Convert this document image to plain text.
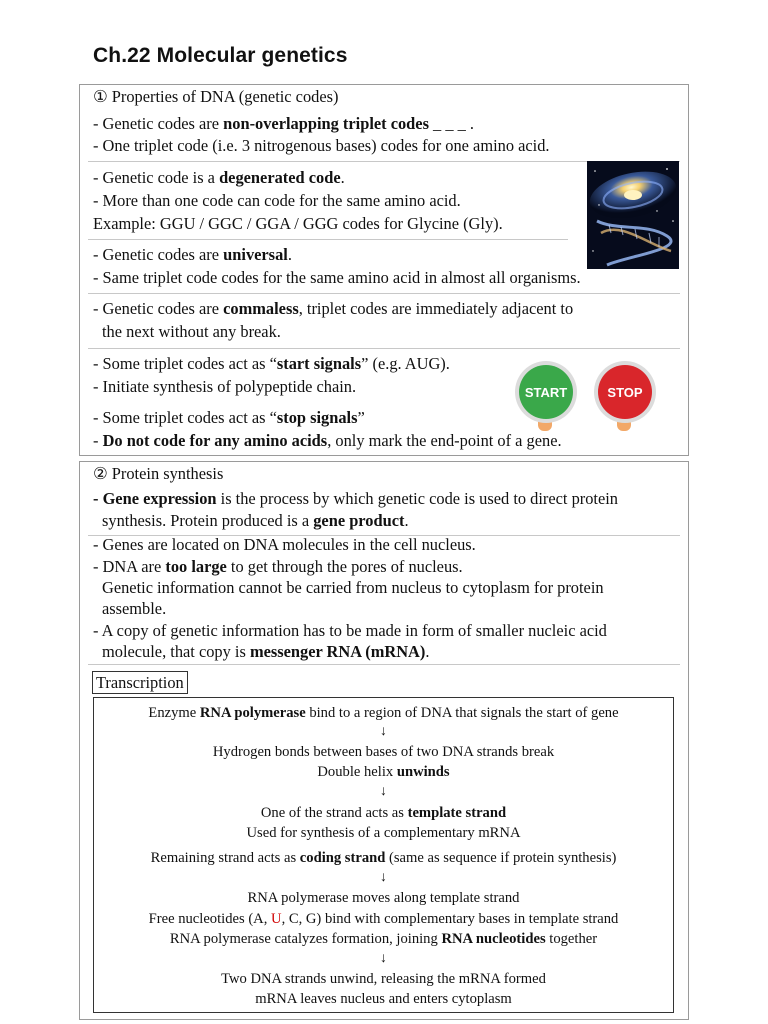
Ch.22 Molecular genetics
① Properties of DNA (genetic codes)
- Genetic codes are non-overlapping triplet codes _ _ _ .
- One triplet code (i.e. 3 nitrogenous bases) codes for one amino acid.
- Genetic code is a degenerated code.
- More than one code can code for the same amino acid.
Example: GGU / GGC / GGA / GGG codes for Glycine (Gly).
- Genetic codes are universal.
- Same triplet code codes for the same amino acid in almost all organisms.
- Genetic codes are commaless, triplet codes are immediately adjacent to
the next without any break.
- Some triplet codes act as “start signals” (e.g. AUG).
- Initiate synthesis of polypeptide chain.
- Some triplet codes act as “stop signals”
- Do not code for any amino acids, only mark the end-point of a gene.
START	STOP
② Protein synthesis
- Gene expression is the process by which genetic code is used to direct protein
synthesis. Protein produced is a gene product.
- Genes are located on DNA molecules in the cell nucleus.
- DNA are too large to get through the pores of nucleus.
Genetic information cannot be carried from nucleus to cytoplasm for protein
assemble.
- A copy of genetic information has to be made in form of smaller nucleic acid
molecule, that copy is messenger RNA (mRNA).
Transcription
Enzyme RNA polymerase bind to a region of DNA that signals the start of gene
↓
Hydrogen bonds between bases of two DNA strands break
Double helix unwinds
↓
One of the strand acts as template strand
Used for synthesis of a complementary mRNA
Remaining strand acts as coding strand (same as sequence if protein synthesis)
↓
RNA polymerase moves along template strand
Free nucleotides (A, U, C, G) bind with complementary bases in template strand
RNA polymerase catalyzes formation, joining RNA nucleotides together
↓
Two DNA strands unwind, releasing the mRNA formed
mRNA leaves nucleus and enters cytoplasm
